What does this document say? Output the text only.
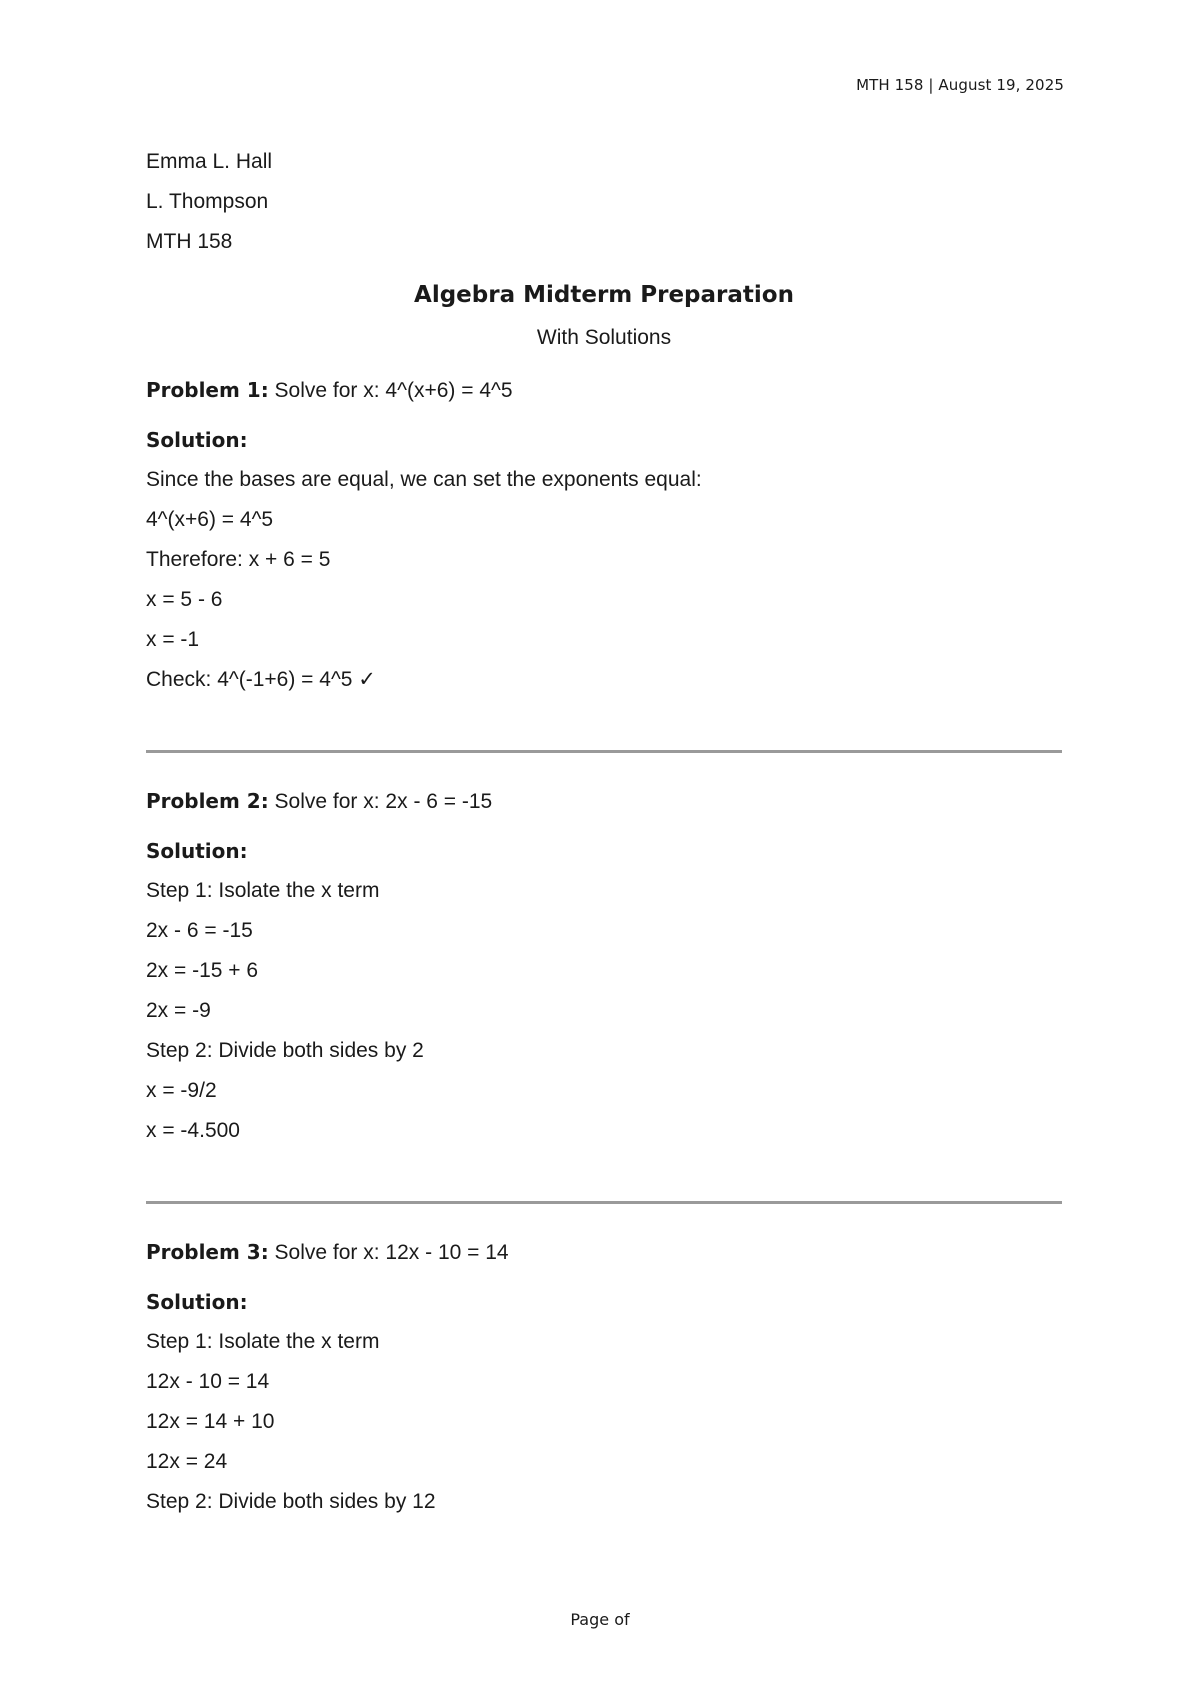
MTH 158 | August 19, 2025
Emma L. Hall
L. Thompson
MTH 158
Algebra Midterm Preparation
With Solutions
Problem 1: Solve for x: 4^(x+6) = 4^5
Solution:
Since the bases are equal, we can set the exponents equal:
4^(x+6) = 4^5
Therefore: x + 6 = 5
x = 5 - 6
x = -1
Check: 4^(-1+6) = 4^5 ✓
Problem 2: Solve for x: 2x - 6 = -15
Solution:
Step 1: Isolate the x term
2x - 6 = -15
2x = -15 + 6
2x = -9
Step 2: Divide both sides by 2
x = -9/2
x = -4.500
Problem 3: Solve for x: 12x - 10 = 14
Solution:
Step 1: Isolate the x term
12x - 10 = 14
12x = 14 + 10
12x = 24
Step 2: Divide both sides by 12
Page of
